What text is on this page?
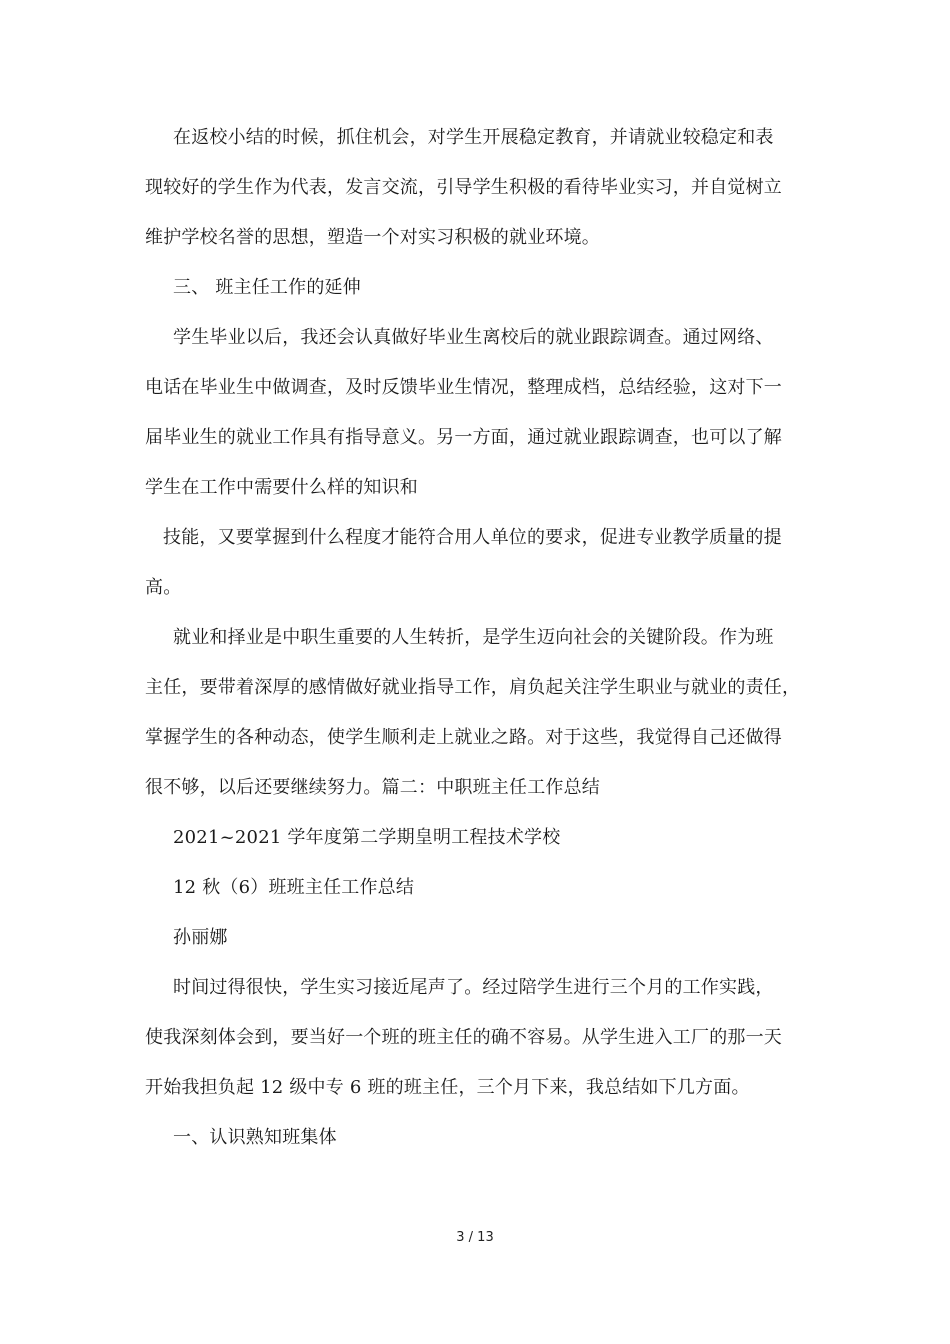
在返校小结的时候，抓住机会，对学生开展稳定教育，并请就业较稳定和表
现较好的学生作为代表，发言交流，引导学生积极的看待毕业实习，并自觉树立
维护学校名誉的思想，塑造一个对实习积极的就业环境。
三、 班主任工作的延伸
学生毕业以后，我还会认真做好毕业生离校后的就业跟踪调查。通过网络、
电话在毕业生中做调查，及时反馈毕业生情况，整理成档，总结经验，这对下一
届毕业生的就业工作具有指导意义。另一方面，通过就业跟踪调查，也可以了解
学生在工作中需要什么样的知识和
技能，又要掌握到什么程度才能符合用人单位的要求，促进专业教学质量的提
高。
就业和择业是中职生重要的人生转折，是学生迈向社会的关键阶段。作为班
主任，要带着深厚的感情做好就业指导工作，肩负起关注学生职业与就业的责任，
掌握学生的各种动态，使学生顺利走上就业之路。对于这些，我觉得自己还做得
很不够，以后还要继续努力。篇二：中职班主任工作总结
2021~2021 学年度第二学期皇明工程技术学校
12 秋（6）班班主任工作总结
孙丽娜
时间过得很快，学生实习接近尾声了。经过陪学生进行三个月的工作实践，
使我深刻体会到，要当好一个班的班主任的确不容易。从学生进入工厂的那一天
开始我担负起 12 级中专 6 班的班主任，三个月下来，我总结如下几方面。
一、认识熟知班集体
3 / 13
